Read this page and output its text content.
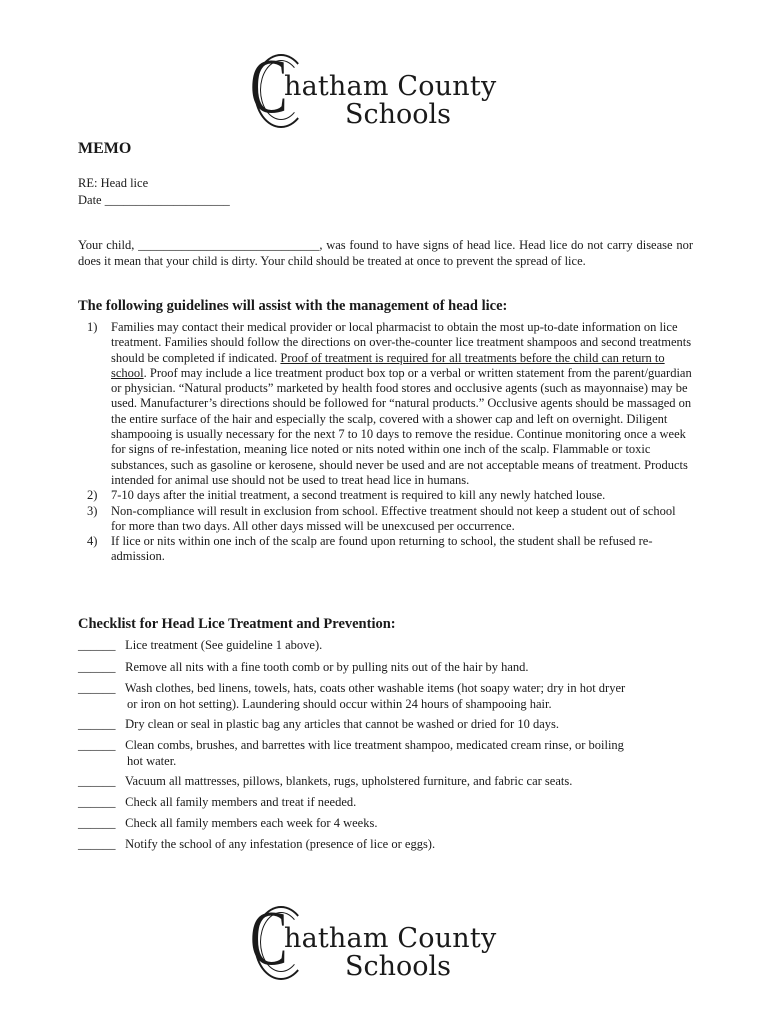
C
hatham County
Schools
MEMO
RE: Head lice
Date ____________________
Your child, _____________________________, was found to have signs of head lice. Head lice do not carry disease nor does it mean that your child is dirty. Your child should be treated at once to prevent the spread of lice.
The following guidelines will assist with the management of head lice:
1) Families may contact their medical provider or local pharmacist to obtain the most up-to-date information on lice treatment. Families should follow the directions on over-the-counter lice treatment shampoos and second treatments should be completed if indicated. Proof of treatment is required for all treatments before the child can return to school. Proof may include a lice treatment product box top or a verbal or written statement from the parent/guardian or physician. “Natural products” marketed by health food stores and occlusive agents (such as mayonnaise) may be used. Manufacturer’s directions should be followed for “natural products.” Occlusive agents should be massaged on the entire surface of the hair and especially the scalp, covered with a shower cap and left on overnight. Diligent shampooing is usually necessary for the next 7 to 10 days to remove the residue. Continue monitoring once a week for signs of re-infestation, meaning lice noted or nits noted within one inch of the scalp. Flammable or toxic substances, such as gasoline or kerosene, should never be used and are not acceptable means of treatment. Products intended for animal use should not be used to treat head lice in humans.
2) 7-10 days after the initial treatment, a second treatment is required to kill any newly hatched louse.
3) Non-compliance will result in exclusion from school. Effective treatment should not keep a student out of school for more than two days. All other days missed will be unexcused per occurrence.
4) If lice or nits within one inch of the scalp are found upon returning to school, the student shall be refused re-admission.
Checklist for Head Lice Treatment and Prevention:
______ Lice treatment (See guideline 1 above).
______ Remove all nits with a fine tooth comb or by pulling nits out of the hair by hand.
______ Wash clothes, bed linens, towels, hats, coats other washable items (hot soapy water; dry in hot dryer
or iron on hot setting). Laundering should occur within 24 hours of shampooing hair.
______ Dry clean or seal in plastic bag any articles that cannot be washed or dried for 10 days.
______ Clean combs, brushes, and barrettes with lice treatment shampoo, medicated cream rinse, or boiling
hot water.
______ Vacuum all mattresses, pillows, blankets, rugs, upholstered furniture, and fabric car seats.
______ Check all family members and treat if needed.
______ Check all family members each week for 4 weeks.
______ Notify the school of any infestation (presence of lice or eggs).
C
hatham County
Schools
